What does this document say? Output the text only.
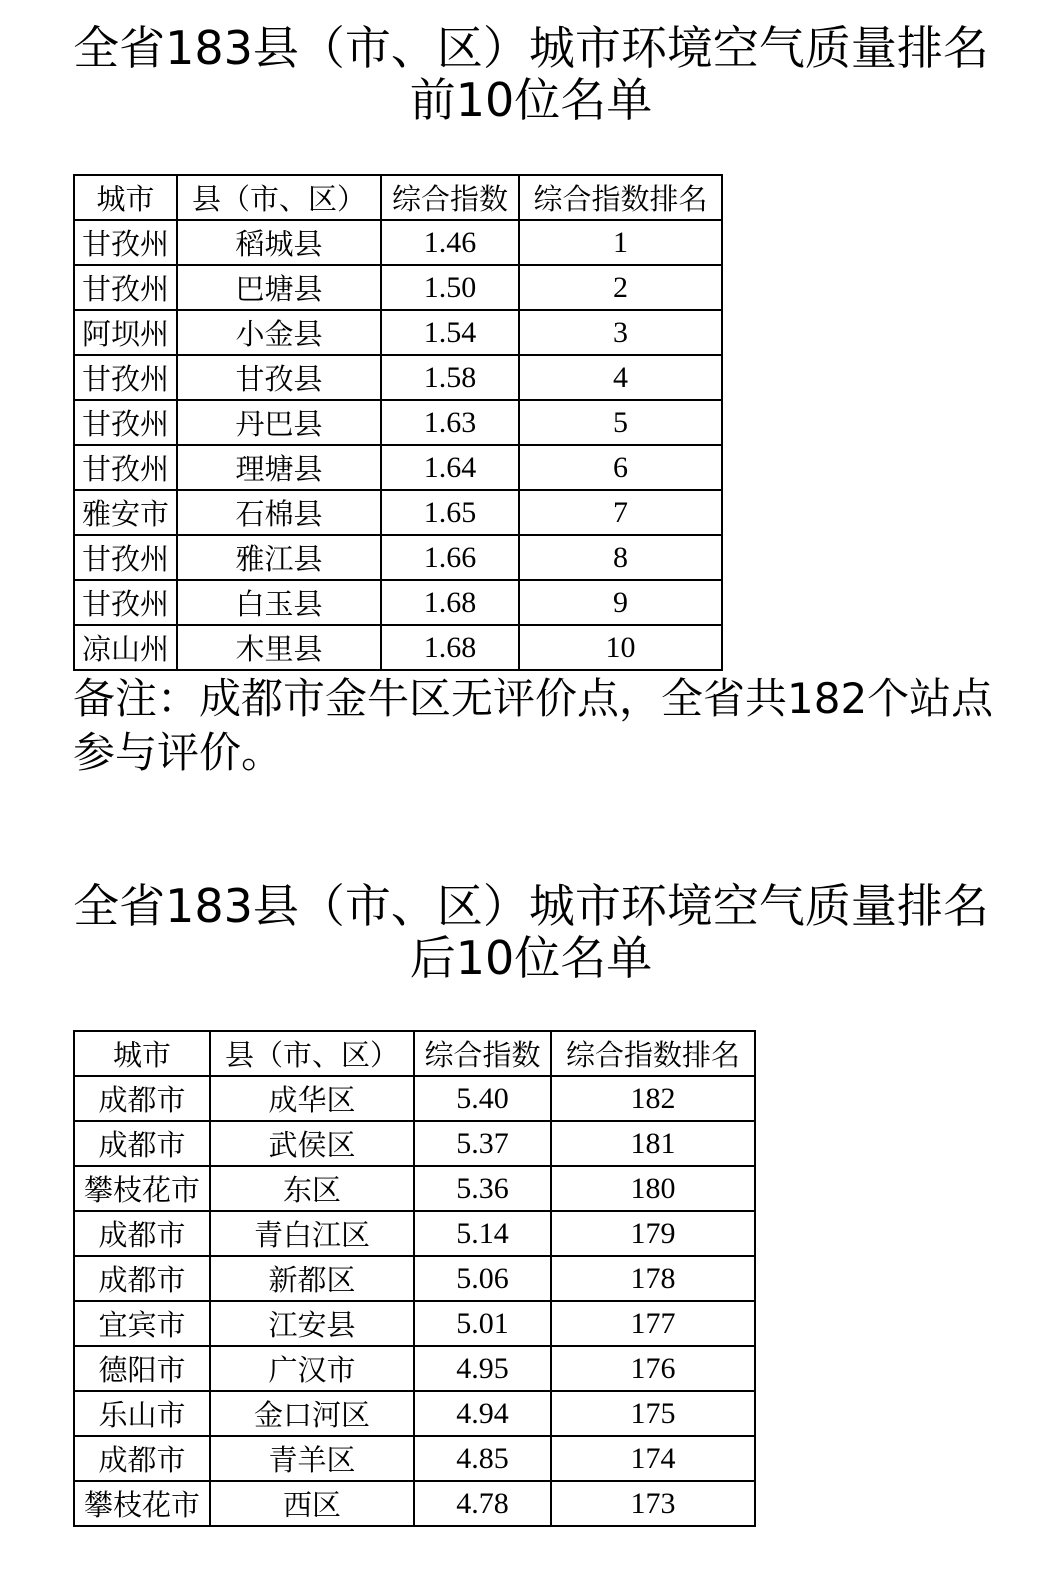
全省183县（市、区）城市环境空气质量排名
前10位名单
城市	县（市、区）	综合指数	综合指数排名
甘孜州	稻城县	1.46	1
甘孜州	巴塘县	1.50	2
阿坝州	小金县	1.54	3
甘孜州	甘孜县	1.58	4
甘孜州	丹巴县	1.63	5
甘孜州	理塘县	1.64	6
雅安市	石棉县	1.65	7
甘孜州	雅江县	1.66	8
甘孜州	白玉县	1.68	9
凉山州	木里县	1.68	10

备注：成都市金牛区无评价点，全省共182个站点参与评价。

全省183县（市、区）城市环境空气质量排名
后10位名单
城市	县（市、区）	综合指数	综合指数排名
成都市	成华区	5.40	182
成都市	武侯区	5.37	181
攀枝花市	东区	5.36	180
成都市	青白江区	5.14	179
成都市	新都区	5.06	178
宜宾市	江安县	5.01	177
德阳市	广汉市	4.95	176
乐山市	金口河区	4.94	175
成都市	青羊区	4.85	174
攀枝花市	西区	4.78	173
